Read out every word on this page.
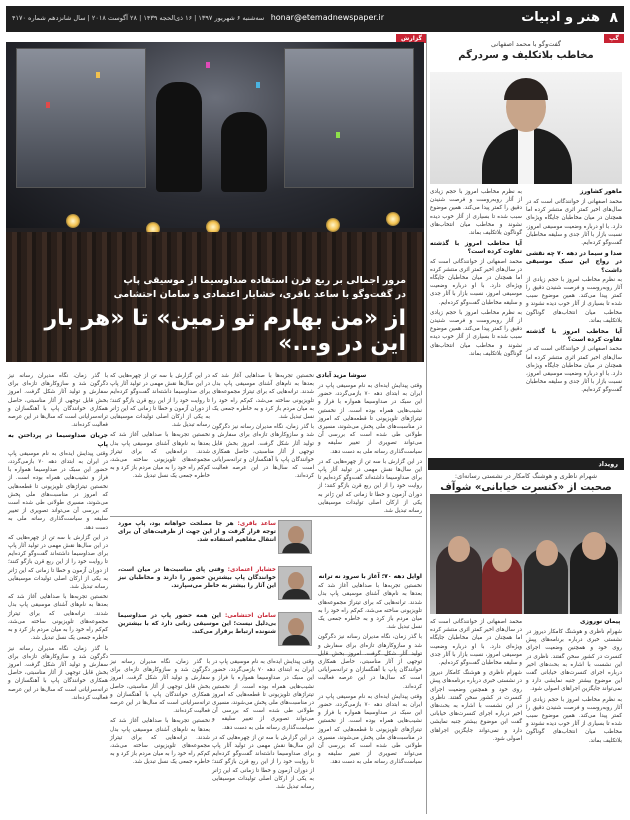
۸
هنر و ادبیات
honar@etemadnewspaper.ir
سه‌شنبه ۶ شهریور ۱۳۹۷ | ۱۶ ذی‌الحجه ۱۴۳۹ | ۲۸ آگوست ۲۰۱۸ | سال شانزدهم شماره ۴۱۷۰
گزارش
مرور اجمالی بر ربع قرن استفاده صداوسیما از موسیقی پاپ
در گفت‌وگو با ساعد باقری، خشایار اعتمادی و سامان احتشامی
از «من بهارم تو زمین» تا «هر بار این در و...»
سوشا مزید آبادی

وقتی پیدایش ایده‌ای به نام موسیقی پاپ در ایران به ابتدای دهه ۷۰ بازمی‌گردد، حضور این سبک در صداوسیما همواره با فراز و نشیب‌هایی همراه بوده است. از نخستین تیتراژهای تلویزیونی تا قطعه‌هایی که امروز در مناسبت‌های ملی پخش می‌شوند، مسیری طولانی طی شده است که بررسی آن می‌تواند تصویری از تغییر سلیقه و سیاست‌گذاری رسانه ملی به دست دهد.

در این گزارش با سه تن از چهره‌هایی که در این سال‌ها نقش مهمی در تولید آثار پاپ برای صداوسیما داشته‌اند گفت‌وگو کرده‌ایم تا روایت خود را از این ربع قرن بازگو کنند؛ از دوران آزمون و خطا تا زمانی که این ژانر به یکی از ارکان اصلی تولیدات موسیقایی رسانه تبدیل شد.

نخستین تجربه‌ها با صداهایی آغاز شد که بعدها به نام‌های آشنای موسیقی پاپ بدل شدند. ترانه‌هایی که برای تیتراژ مجموعه‌های تلویزیونی ساخته می‌شد، کم‌کم راه خود را به میان مردم باز کرد و به خاطره جمعی یک نسل تبدیل شد.

با گذر زمان، نگاه مدیران رسانه نیز دگرگون شد و سازوکارهای تازه‌ای برای سفارش و تولید آثار شکل گرفت. امروز بخش قابل توجهی از آثار مناسبتی، حاصل همکاری خوانندگان پاپ با آهنگسازان و ترانه‌سرایانی است که سال‌ها در این عرصه فعالیت کرده‌اند.

در این گزارش با سه تن از چهره‌هایی که در این سال‌ها نقش مهمی در تولید آثار پاپ برای صداوسیما داشته‌اند گفت‌وگو کرده‌ایم تا روایت خود را از این ربع قرن بازگو کنند؛ از دوران آزمون و خطا تا زمانی که این ژانر به یکی از ارکان اصلی تولیدات موسیقایی رسانه تبدیل شد.

نخستین تجربه‌ها با صداهایی آغاز شد که بعدها به نام‌های آشنای موسیقی پاپ بدل شدند. ترانه‌هایی که برای تیتراژ مجموعه‌های تلویزیونی ساخته می‌شد، کم‌کم راه خود را به میان مردم باز کرد و به خاطره جمعی یک نسل تبدیل شد.

با گذر زمان، نگاه مدیران رسانه نیز دگرگون شد و سازوکارهای تازه‌ای برای سفارش و تولید آثار شکل گرفت. امروز بخش قابل توجهی از آثار مناسبتی، حاصل همکاری خوانندگان پاپ با آهنگسازان و ترانه‌سرایانی است که سال‌ها در این عرصه فعالیت کرده‌اند.

جریان صداوسیما در پرداختن به پاپ

وقتی پیدایش ایده‌ای به نام موسیقی پاپ در ایران به ابتدای دهه ۷۰ بازمی‌گردد، حضور این سبک در صداوسیما همواره با فراز و نشیب‌هایی همراه بوده است. از نخستین تیتراژهای تلویزیونی تا قطعه‌هایی که امروز در مناسبت‌های ملی پخش می‌شوند، مسیری طولانی طی شده است که بررسی آن می‌تواند تصویری از تغییر سلیقه و سیاست‌گذاری رسانه ملی به دست دهد.

در این گزارش با سه تن از چهره‌هایی که در این سال‌ها نقش مهمی در تولید آثار پاپ برای صداوسیما داشته‌اند گفت‌وگو کرده‌ایم تا روایت خود را از این ربع قرن بازگو کنند؛ از دوران آزمون و خطا تا زمانی که این ژانر به یکی از ارکان اصلی تولیدات موسیقایی رسانه تبدیل شد.

نخستین تجربه‌ها با صداهایی آغاز شد که بعدها به نام‌های آشنای موسیقی پاپ بدل شدند. ترانه‌هایی که برای تیتراژ مجموعه‌های تلویزیونی ساخته می‌شد، کم‌کم راه خود را به میان مردم باز کرد و به خاطره جمعی یک نسل تبدیل شد.

با گذر زمان، نگاه مدیران رسانه نیز دگرگون شد و سازوکارهای تازه‌ای برای سفارش و تولید آثار شکل گرفت. امروز بخش قابل توجهی از آثار مناسبتی، حاصل همکاری خوانندگان پاپ با آهنگسازان و ترانه‌سرایانی است که سال‌ها در این عرصه فعالیت کرده‌اند.

ساعد باقری: هر جا مصلحت خواهانه بود، پاپ مورد توجه قرار گرفت و از این جهت از ظرفیت‌های آن برای انتقال مفاهیم استفاده شد.
خشایار اعتمادی: وقتی پای مناسبت‌ها در میان است، خوانندگان پاپ بیشترین حضور را دارند و مخاطبان نیز این آثار را بیشتر به خاطر می‌سپارند.
سامان احتشامی: این همه حضور پاپ در صداوسیما بی‌دلیل نیست؛ این موسیقی زبانی دارد که با بیشترین شنونده ارتباط برقرار می‌کند.
اوایل دهه ۷۰؛ آغاز با سرود نه ترانه

نخستین تجربه‌ها با صداهایی آغاز شد که بعدها به نام‌های آشنای موسیقی پاپ بدل شدند. ترانه‌هایی که برای تیتراژ مجموعه‌های تلویزیونی ساخته می‌شد، کم‌کم راه خود را به میان مردم باز کرد و به خاطره جمعی یک نسل تبدیل شد.

با گذر زمان، نگاه مدیران رسانه نیز دگرگون شد و سازوکارهای تازه‌ای برای سفارش و تولید آثار شکل گرفت. امروز بخش قابل توجهی از آثار مناسبتی، حاصل همکاری خوانندگان پاپ با آهنگسازان و ترانه‌سرایانی است که سال‌ها در این عرصه فعالیت کرده‌اند.

وقتی پیدایش ایده‌ای به نام موسیقی پاپ در ایران به ابتدای دهه ۷۰ بازمی‌گردد، حضور این سبک در صداوسیما همواره با فراز و نشیب‌هایی همراه بوده است. از نخستین تیتراژهای تلویزیونی تا قطعه‌هایی که امروز در مناسبت‌های ملی پخش می‌شوند، مسیری طولانی طی شده است که بررسی آن می‌تواند تصویری از تغییر سلیقه و سیاست‌گذاری رسانه ملی به دست دهد.

وقتی پیدایش ایده‌ای به نام موسیقی پاپ در ایران به ابتدای دهه ۷۰ بازمی‌گردد، حضور این سبک در صداوسیما همواره با فراز و نشیب‌هایی همراه بوده است. از نخستین تیتراژهای تلویزیونی تا قطعه‌هایی که امروز در مناسبت‌های ملی پخش می‌شوند، مسیری طولانی طی شده است که بررسی آن می‌تواند تصویری از تغییر سلیقه و سیاست‌گذاری رسانه ملی به دست دهد.

در این گزارش با سه تن از چهره‌هایی که در این سال‌ها نقش مهمی در تولید آثار پاپ برای صداوسیما داشته‌اند گفت‌وگو کرده‌ایم تا روایت خود را از این ربع قرن بازگو کنند؛ از دوران آزمون و خطا تا زمانی که این ژانر به یکی از ارکان اصلی تولیدات موسیقایی رسانه تبدیل شد.

با گذر زمان، نگاه مدیران رسانه نیز دگرگون شد و سازوکارهای تازه‌ای برای سفارش و تولید آثار شکل گرفت. امروز بخش قابل توجهی از آثار مناسبتی، حاصل همکاری خوانندگان پاپ با آهنگسازان و ترانه‌سرایانی است که سال‌ها در این عرصه فعالیت کرده‌اند.

نخستین تجربه‌ها با صداهایی آغاز شد که بعدها به نام‌های آشنای موسیقی پاپ بدل شدند. ترانه‌هایی که برای تیتراژ مجموعه‌های تلویزیونی ساخته می‌شد، کم‌کم راه خود را به میان مردم باز کرد و به خاطره جمعی یک نسل تبدیل شد.

گپ
گفت‌وگو با محمد اصفهانی
مخاطب بلاتکلیف و سردرگم
ماهور کشاورز

محمد اصفهانی از خوانندگانی است که در سال‌های اخیر کمتر اثری منتشر کرده اما همچنان در میان مخاطبان جایگاه ویژه‌ای دارد. با او درباره وضعیت موسیقی امروز، نسبت بازار با آثار جدی و سلیقه مخاطبان گفت‌وگو کرده‌ایم.

صدا و سیما در دهه ۷۰ چه نقشی در رواج این سبک موسیقی داشت؟

به نظرم مخاطب امروز با حجم زیادی از آثار روبه‌روست و فرصت شنیدن دقیق را کمتر پیدا می‌کند. همین موضوع سبب شده تا بسیاری از آثار خوب دیده نشوند و مخاطب میان انتخاب‌های گوناگون بلاتکلیف بماند.

آیا مخاطب امروز با گذشته تفاوت کرده است؟

محمد اصفهانی از خوانندگانی است که در سال‌های اخیر کمتر اثری منتشر کرده اما همچنان در میان مخاطبان جایگاه ویژه‌ای دارد. با او درباره وضعیت موسیقی امروز، نسبت بازار با آثار جدی و سلیقه مخاطبان گفت‌وگو کرده‌ایم.

به نظرم مخاطب امروز با حجم زیادی از آثار روبه‌روست و فرصت شنیدن دقیق را کمتر پیدا می‌کند. همین موضوع سبب شده تا بسیاری از آثار خوب دیده نشوند و مخاطب میان انتخاب‌های گوناگون بلاتکلیف بماند.

آیا مخاطب امروز با گذشته تفاوت کرده است؟

محمد اصفهانی از خوانندگانی است که در سال‌های اخیر کمتر اثری منتشر کرده اما همچنان در میان مخاطبان جایگاه ویژه‌ای دارد. با او درباره وضعیت موسیقی امروز، نسبت بازار با آثار جدی و سلیقه مخاطبان گفت‌وگو کرده‌ایم.

به نظرم مخاطب امروز با حجم زیادی از آثار روبه‌روست و فرصت شنیدن دقیق را کمتر پیدا می‌کند. همین موضوع سبب شده تا بسیاری از آثار خوب دیده نشوند و مخاطب میان انتخاب‌های گوناگون بلاتکلیف بماند.

رویداد
شهرام ناظری و هوشنگ کامکار در نشستی رسانه‌ای:
صحبت از «کنسرت خیابانی» شوآف
پیمان نوروزی

شهرام ناظری و هوشنگ کامکار دیروز در نشستی خبری درباره برنامه‌های پیش روی خود و همچنین وضعیت اجرای کنسرت در کشور سخن گفتند. ناظری در این نشست با اشاره به بحث‌های اخیر درباره اجرای کنسرت‌های خیابانی گفت این موضوع بیشتر جنبه نمایشی دارد و نمی‌تواند جایگزین اجراهای اصولی شود.

به نظرم مخاطب امروز با حجم زیادی از آثار روبه‌روست و فرصت شنیدن دقیق را کمتر پیدا می‌کند. همین موضوع سبب شده تا بسیاری از آثار خوب دیده نشوند و مخاطب میان انتخاب‌های گوناگون بلاتکلیف بماند.

محمد اصفهانی از خوانندگانی است که در سال‌های اخیر کمتر اثری منتشر کرده اما همچنان در میان مخاطبان جایگاه ویژه‌ای دارد. با او درباره وضعیت موسیقی امروز، نسبت بازار با آثار جدی و سلیقه مخاطبان گفت‌وگو کرده‌ایم.

شهرام ناظری و هوشنگ کامکار دیروز در نشستی خبری درباره برنامه‌های پیش روی خود و همچنین وضعیت اجرای کنسرت در کشور سخن گفتند. ناظری در این نشست با اشاره به بحث‌های اخیر درباره اجرای کنسرت‌های خیابانی گفت این موضوع بیشتر جنبه نمایشی دارد و نمی‌تواند جایگزین اجراهای اصولی شود.
